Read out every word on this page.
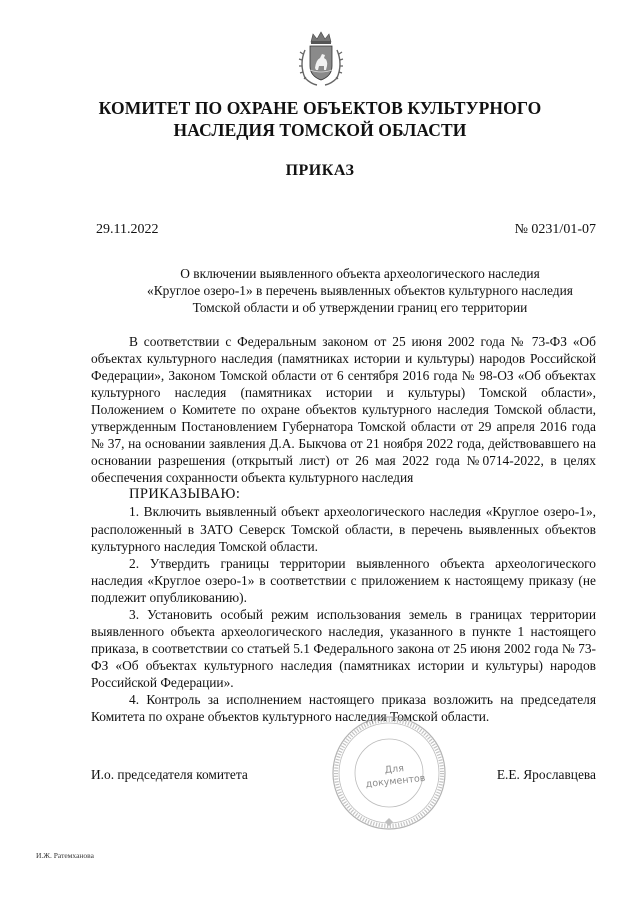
КОМИТЕТ ПО ОХРАНЕ ОБЪЕКТОВ КУЛЬТУРНОГО
НАСЛЕДИЯ ТОМСКОЙ ОБЛАСТИ
ПРИКАЗ
29.11.2022	№ 0231/01-07
О включении выявленного объекта археологического наследия
«Круглое озеро-1» в перечень выявленных объектов культурного наследия
Томской области и об утверждении границ его территории

В соответствии с Федеральным законом от 25 июня 2002 года № 73-ФЗ «Об объектах культурного наследия (памятниках истории и культуры) народов Российской Федерации», Законом Томской области от 6 сентября 2016 года № 98-ОЗ «Об объектах культурного наследия (памятниках истории и культуры) Томской области», Положением о Комитете по охране объектов культурного наследия Томской области, утвержденным Постановлением Губернатора Томской области от 29 апреля 2016 года № 37, на основании заявления Д.А. Быкчова от 21 ноября 2022 года, действовавшего на основании разрешения (открытый лист) от 26 мая 2022 года №0714-2022, в целях обеспечения сохранности объекта культурного наследия

ПРИКАЗЫВАЮ:

1. Включить выявленный объект археологического наследия «Круглое озеро-1», расположенный в ЗАТО Северск Томской области, в перечень выявленных объектов культурного наследия Томской области.

2. Утвердить границы территории выявленного объекта археологического наследия «Круглое озеро-1» в соответствии с приложением к настоящему приказу (не подлежит опубликованию).

3. Установить особый режим использования земель в границах территории выявленного объекта археологического наследия, указанного в пункте 1 настоящего приказа, в соответствии со статьей 5.1 Федерального закона от 25 июня 2002 года № 73-ФЗ «Об объектах культурного наследия (памятниках истории и культуры) народов Российской Федерации».

4. Контроль за исполнением настоящего приказа возложить на председателя Комитета по охране объектов культурного наследия Томской области.

Для
документов
И.о. председателя комитета	Е.Е. Ярославцева
И.Ж. Ратемханова
